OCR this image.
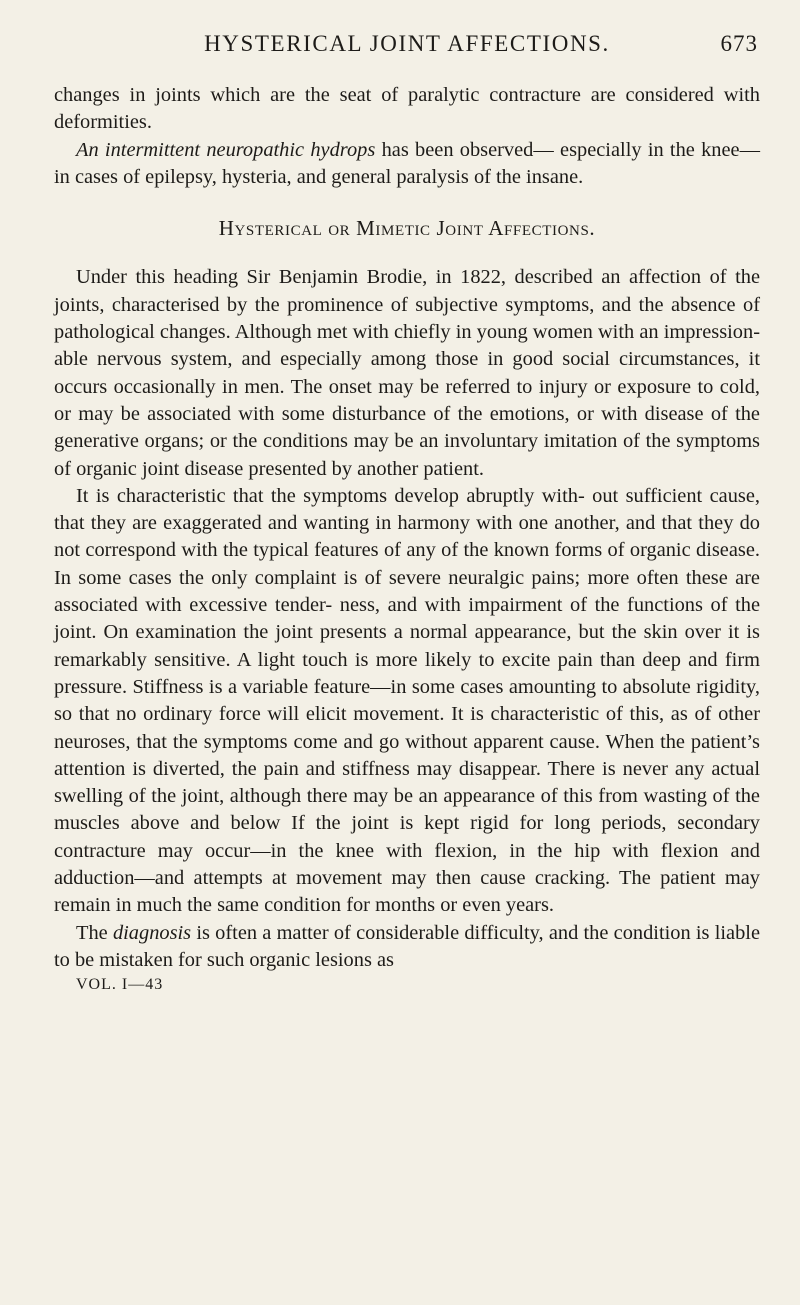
HYSTERICAL JOINT AFFECTIONS.	673

changes in joints which are the seat of paralytic contracture are considered with deformities.

An intermittent neuropathic hydrops has been observed— especially in the knee—in cases of epilepsy, hysteria, and general paralysis of the insane.

Hysterical or Mimetic Joint Affections.

Under this heading Sir Benjamin Brodie, in 1822, described an affection of the joints, characterised by the prominence of subjective symptoms, and the absence of pathological changes. Although met with chiefly in young women with an impression- able nervous system, and especially among those in good social circumstances, it occurs occasionally in men. The onset may be referred to injury or exposure to cold, or may be associated with some disturbance of the emotions, or with disease of the generative organs; or the conditions may be an involuntary imitation of the symptoms of organic joint disease presented by another patient.

It is characteristic that the symptoms develop abruptly with- out sufficient cause, that they are exaggerated and wanting in harmony with one another, and that they do not correspond with the typical features of any of the known forms of organic disease. In some cases the only complaint is of severe neuralgic pains; more often these are associated with excessive tender- ness, and with impairment of the functions of the joint. On examination the joint presents a normal appearance, but the skin over it is remarkably sensitive. A light touch is more likely to excite pain than deep and firm pressure. Stiffness is a variable feature—in some cases amounting to absolute rigidity, so that no ordinary force will elicit movement. It is characteristic of this, as of other neuroses, that the symptoms come and go without apparent cause. When the patient’s attention is diverted, the pain and stiffness may disappear. There is never any actual swelling of the joint, although there may be an appearance of this from wasting of the muscles above and below If the joint is kept rigid for long periods, secondary contracture may occur—in the knee with flexion, in the hip with flexion and adduction—and attempts at movement may then cause cracking. The patient may remain in much the same condition for months or even years.

The diagnosis is often a matter of considerable difficulty, and the condition is liable to be mistaken for such organic lesions as

VOL. I—43
